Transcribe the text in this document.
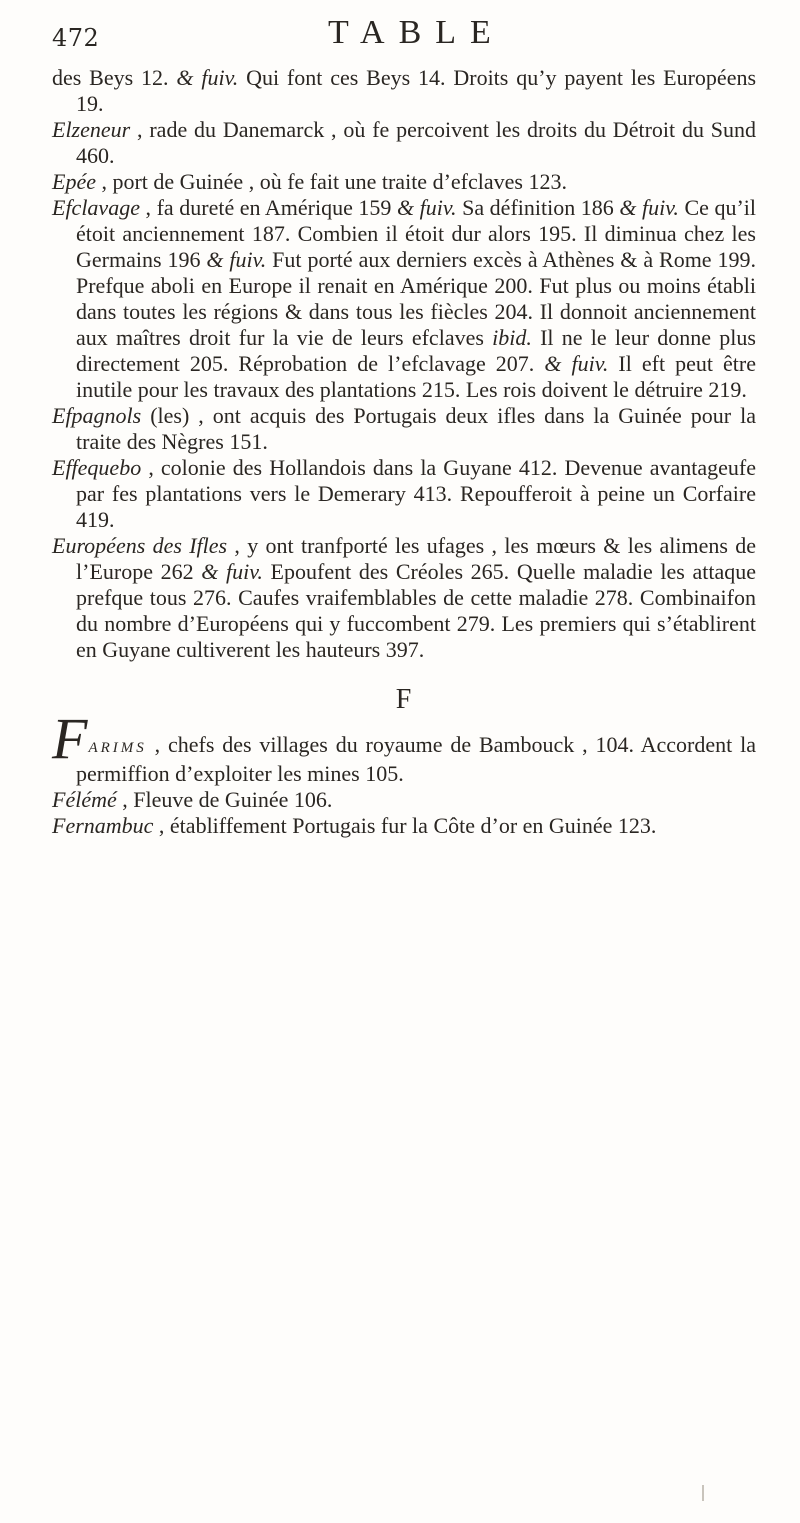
472	TABLE

des Beys 12. & fuiv. Qui font ces Beys 14. Droits qu’y payent les Européens 19.

Elzeneur , rade du Danemarck , où fe percoivent les droits du Détroit du Sund 460.

Epée , port de Guinée , où fe fait une traite d’efclaves 123.

Efclavage , fa dureté en Amérique 159 & fuiv. Sa définition 186 & fuiv. Ce qu’il étoit anciennement 187. Combien il étoit dur alors 195. Il diminua chez les Germains 196 & fuiv. Fut porté aux derniers excès à Athènes & à Rome 199. Prefque aboli en Europe il renait en Amérique 200. Fut plus ou moins établi dans toutes les régions & dans tous les fiècles 204. Il donnoit anciennement aux maîtres droit fur la vie de leurs efclaves ibid. Il ne le leur donne plus directement 205. Réprobation de l’efclavage 207. & fuiv. Il eft peut être inutile pour les travaux des plantations 215. Les rois doivent le détruire 219.

Efpagnols (les) , ont acquis des Portugais deux ifles dans la Guinée pour la traite des Nègres 151.

Effequebo , colonie des Hollandois dans la Guyane 412. Devenue avantageufe par fes plantations vers le Demerary 413. Repoufferoit à peine un Corfaire 419.

Européens des Ifles , y ont tranfporté les ufages , les mœurs & les alimens de l’Europe 262 & fuiv. Epoufent des Créoles 265. Quelle maladie les attaque prefque tous 276. Caufes vraifemblables de cette maladie 278. Combinaifon du nombre d’Européens qui y fuccombent 279. Les premiers qui s’établirent en Guyane cultiverent les hauteurs 397.

F

FARIMS , chefs des villages du royaume de Bambouck , 104. Accordent la permiffion d’exploiter les mines 105.

Félémé , Fleuve de Guinée 106.

Fernambuc , établiffement Portugais fur la Côte d’or en Guinée 123.
